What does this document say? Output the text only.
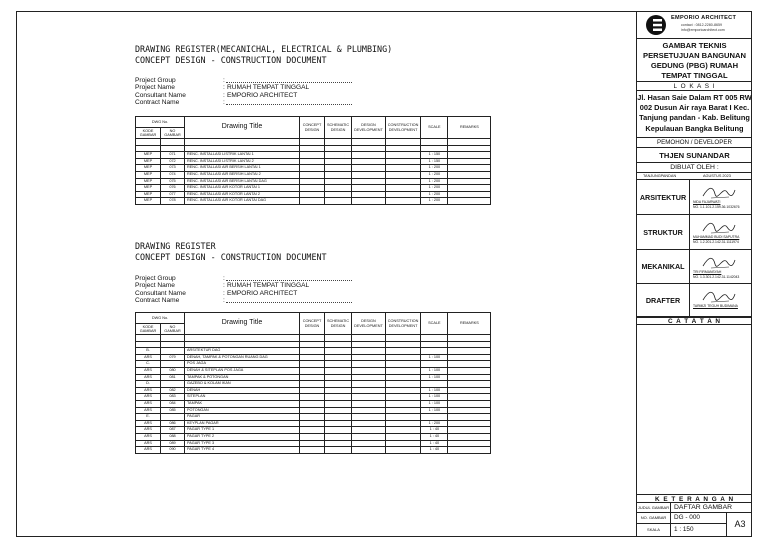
DRAWING REGISTER(MECANICHAL, ELECTRICAL & PLUMBING)
CONCEPT DESIGN - CONSTRUCTION DOCUMENT
Project Group	:
Project Name	: RUMAH TEMPAT TINGGAL
Consultant Name	: EMPORIO ARCHITECT
Contract Name	:
DWG No.		Drawing Title	CONCEPT DESIGN	SCHEMATIC DESIGN	DESIGN DEVELOPMENT	CONSTRUCTION DEVELOPMENT	SCALE	REMARKS
KODE GAMBAR	NO GAMBAR							

MEP	071	RENC. INSTALLASI LISTRIK LANTAI 1					1 : 150	
MEP	072	RENC. INSTALLASI LISTRIK LANTAI 2					1 : 150	
MEP	073	RENC. INSTALLASI AIR BERSIH LANTAI 1					1 : 200	
MEP	074	RENC. INSTALLASI AIR BERSIH LANTAI 2					1 : 200	
MEP	075	RENC. INSTALLASI AIR BERSIH LANTAI DAG					1 : 200	
MEP	076	RENC. INSTALLASI AIR KOTOR LANTAI 1					1 : 200	
MEP	077	RENC. INSTALLASI AIR KOTOR LANTAI 2					1 : 200	
MEP	078	RENC. INSTALLASI AIR KOTOR LANTAI DAG					1 : 200	
DRAWING REGISTER
CONCEPT DESIGN - CONSTRUCTION DOCUMENT
Project Group	:
Project Name	: RUMAH TEMPAT TINGGAL
Consultant Name	: EMPORIO ARCHITECT
Contract Name	:
DWG No.		Drawing Title	CONCEPT DESIGN	SCHEMATIC DESIGN	DESIGN DEVELOPMENT	CONSTRUCTION DEVELOPMENT	SCALE	REMARKS
KODE GAMBAR	NO GAMBAR							

B.		ARSITEKTUR DAG						
ARS	079	DENAH, TAMPAK & POTONGAN RUANG DAG					1 : 100	
C.		POS JAGA						
ARS	080	DENAH & SITEPLAN POS JAGA					1 : 100	
ARS	081	TAMPAK & POTONGAN					1 : 100	
D.		GAZEBO & KOLAM IKAN						
ARS	082	DENAH					1 : 100	
ARS	083	SITEPLAN					1 : 100	
ARS	084	TAMPAK					1 : 100	
ARS	085	POTONGAN					1 : 100	
E.		PAGAR						
ARS	086	KEYPLAN PAGAR					1 : 200	
ARS	087	PAGAR TYPE 1					1 : 40	
ARS	088	PAGAR TYPE 2					1 : 40	
ARS	089	PAGAR TYPE 3					1 : 40	
ARS	090	PAGAR TYPE 4					1 : 40	
EMPORIO ARCHITECT
contact : 0812-2280-8659
info@emporioarchitect.com
GAMBAR TEKNIS PERSETUJUAN BANGUNAN GEDUNG (PBG) RUMAH TEMPAT TINGGAL
L O K A S I
Jl. Hasan Saie Dalam RT 005 RW 002 Dusun Air raya Barat I Kec. Tanjung pandan - Kab. Belitung Kepulauan Bangka Belitung
PEMOHON / DEVELOPER
THJEN SUNANDAR
DIBUAT OLEH :
TANJUNGPANDAN	AGUSTUS 2023
ARSITEKTUR
NIDA FAJARWATI
NO. 1.1.101.2.159.36.1032676
STRUKTUR
MUHAMMAD BUDI SAPUTRA
NO. 1.2.201.2.142.31.1111974
MEKANIKAL
TRI FIRMANSYAH
NO. 1.3.301.2.142.31.1142043
DRAFTER
TARMIZI TEGUH BUDIMANA
C A T A T A N
K E T E R A N G A N
JUDUL GAMBAR DAFTAR GAMBAR
NO. GAMBAR	DG - 000
SKALA	1 : 150
A3
